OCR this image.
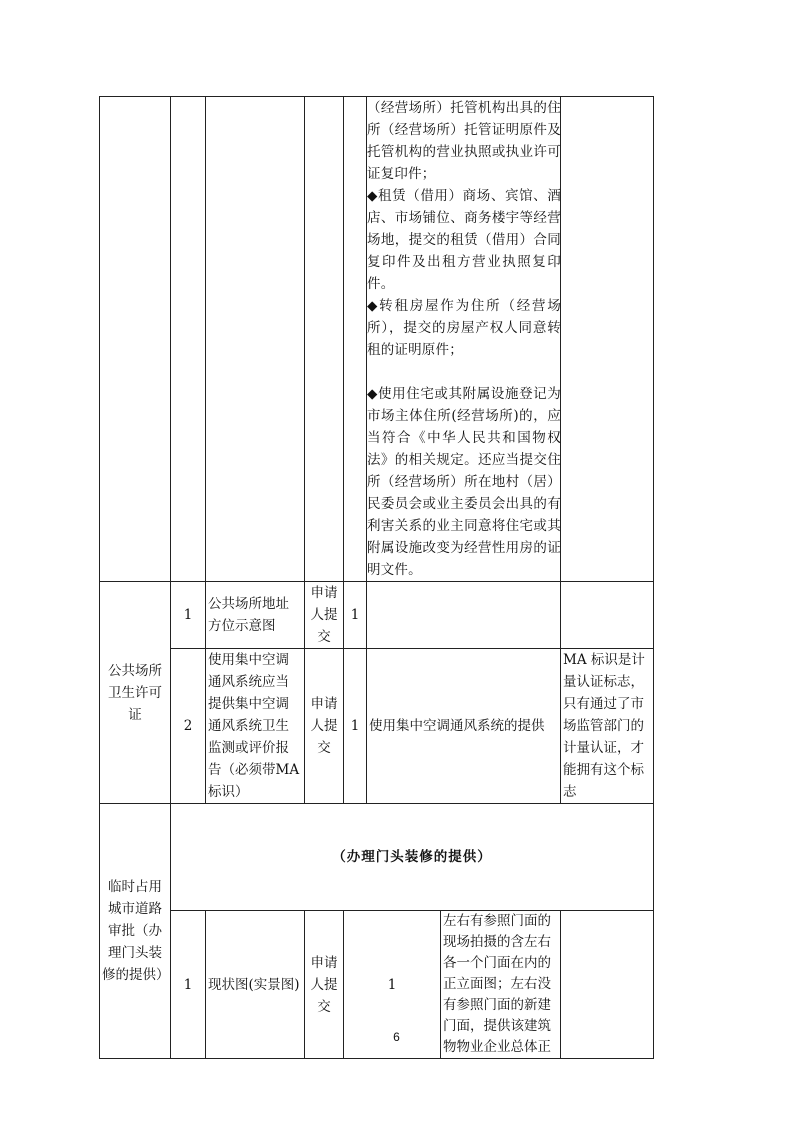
					（经营场所）托管机构出具的住所（经营场所）托管证明原件及托管机构的营业执照或执业许可证复印件；
◆租赁（借用）商场、宾馆、酒店、市场铺位、商务楼宇等经营场地，提交的租赁（借用）合同复印件及出租方营业执照复印件。
◆转租房屋作为住所（经营场所），提交的房屋产权人同意转租的证明原件；

◆使用住宅或其附属设施登记为市场主体住所(经营场所)的，应当符合《中华人民共和国物权法》的相关规定。还应当提交住所（经营场所）所在地村（居）民委员会或业主委员会出具的有利害关系的业主同意将住宅或其附属设施改变为经营性用房的证明文件。		

公共场所卫生许可证	1	公共场所地址方位示意图	申请人提交	1			
	2	使用集中空调通风系统应当提供集中空调通风系统卫生监测或评价报告（必须带MA标识）	申请人提交	1	使用集中空调通风系统的提供		MA 标识是计量认证标志，只有通过了市场监管部门的计量认证，才能拥有这个标志
临时占用城市道路审批（办理门头装修的提供）	（办理门头装修的提供）						
	1	现状图(实景图)	申请人提交	1		左右有参照门面的现场拍摄的含左右各一个门面在内的正立面图；左右没有参照门面的新建门面，提供该建筑物物业企业总体正	
6
